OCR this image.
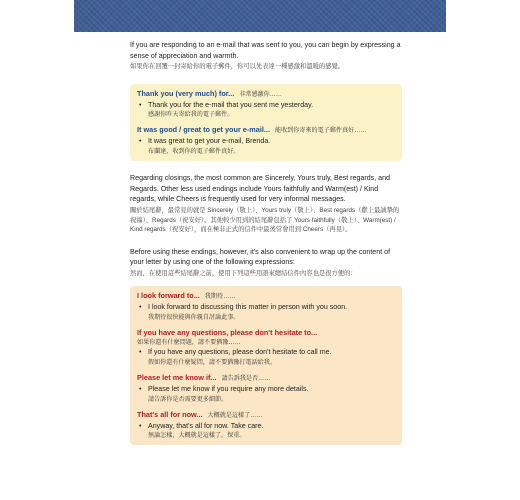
If you are responding to an e-mail that was sent to you, you can begin by expressing a sense of appreciation and warmth.
如果你在回覆一封寄給你的電子郵件，你可以先表達一種感激和溫暖的感覺。
Thank you (very much) for... 非常感激你……
• Thank you for the e-mail that you sent me yesterday.
感謝你昨天寄給我的電子郵件。
It was good / great to get your e-mail... 能收到你寄來的電子郵件真好……
• It was great to get your e-mail, Brenda.
布蘭達，收到你的電子郵件真好。
Regarding closings, the most common are Sincerely, Yours truly, Best regards, and Regards. Other less used endings include Yours faithfully and Warm(est) / Kind regards, while Cheers is frequently used for very informal messages.
關於結尾辭，最常見的就是 Sincerely（敬上）、Yours truly（敬上）、Best regards（獻上最誠摯的祝福）、Regards（祝安好）。其他較少用到的結尾辭包括了 Yours faithfully（敬上）、Warm(est) / Kind regards（祝安好），而在極非正式的信件中最後常會用到 Cheers（再見）。
Before using these endings, however, it's also convenient to wrap up the content of your letter by using one of the following expressions:
然而，在使用這些結尾辭之前，使用下列這些用語來總結信件內容也是很方便的：
I look forward to... 我期待……
• I look forward to discussing this matter in person with you soon.
我期待很快能與你親自討論此事。
If you have any questions, please don't hesitate to...
如果你還有什麼問題，請不要猶豫……
• If you have any questions, please don't hesitate to call me.
假如你還有什麼疑問，請不要猶豫打電話給我。
Please let me know if... 請告訴我是否……
• Please let me know if you require any more details.
請告訴你是否需要更多細節。
That's all for now... 大概就是這樣了……
• Anyway, that's all for now. Take care.
無論怎樣，大概就是這樣了。保重。
